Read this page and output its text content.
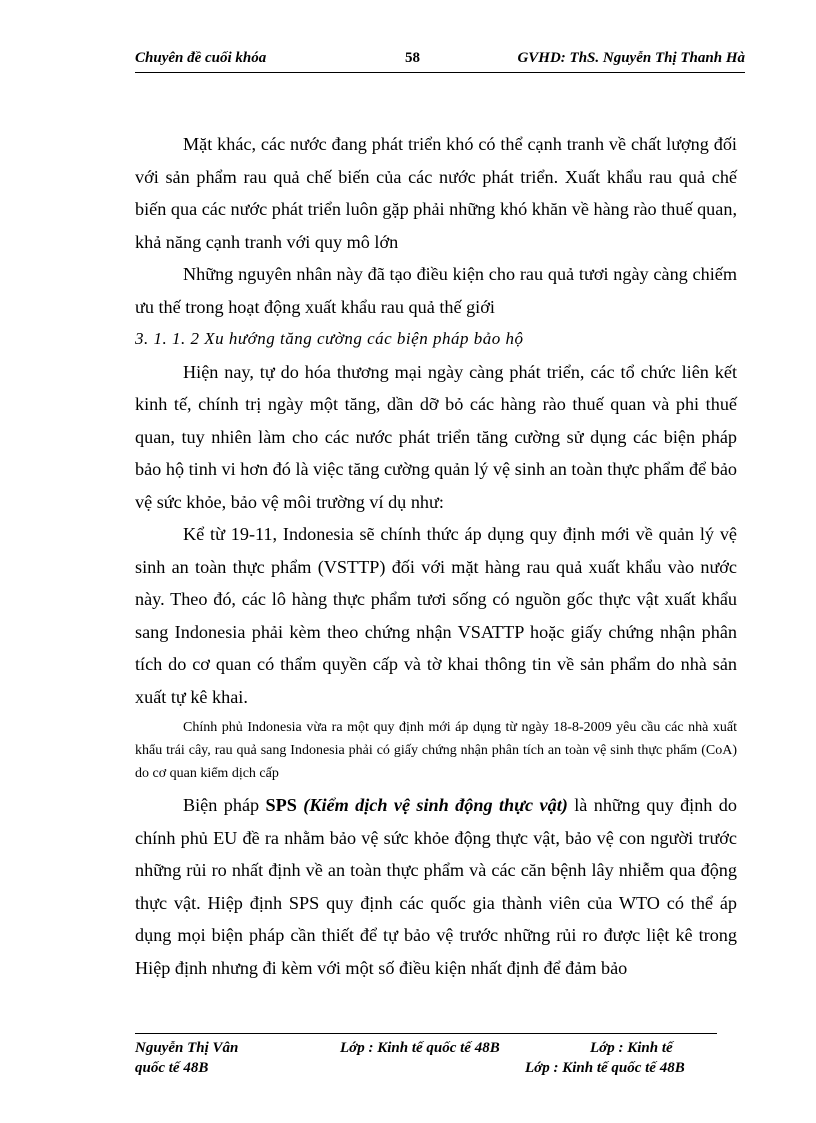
Chuyên đề cuối khóa	58	GVHD: ThS. Nguyễn Thị Thanh Hà

Mặt khác, các nước đang phát triển khó có thể cạnh tranh về chất lượng đối với sản phẩm rau quả chế biến của các nước phát triển. Xuất khẩu rau quả chế biến qua các nước phát triển luôn gặp phải những khó khăn về hàng rào thuế quan, khả năng cạnh tranh với quy mô lớn

Những nguyên nhân này đã tạo điều kiện cho rau quả tươi ngày càng chiếm ưu thế trong hoạt động xuất khẩu rau quả thế giới

3. 1. 1. 2 Xu hướng tăng cường các biện pháp bảo hộ

Hiện nay, tự do hóa thương mại ngày càng phát triển, các tổ chức liên kết kinh tế, chính trị ngày một tăng, dần dỡ bỏ các hàng rào thuế quan và phi thuế quan, tuy nhiên làm cho các nước phát triển tăng cường sử dụng các biện pháp bảo hộ tinh vi hơn đó là việc tăng cường quản lý vệ sinh an toàn thực phẩm để bảo vệ sức khỏe, bảo vệ môi trường ví dụ như:

Kể từ 19-11, Indonesia sẽ chính thức áp dụng quy định mới về quản lý vệ sinh an toàn thực phẩm (VSTTP) đối với mặt hàng rau quả xuất khẩu vào nước này. Theo đó, các lô hàng thực phẩm tươi sống có nguồn gốc thực vật xuất khẩu sang Indonesia phải kèm theo chứng nhận VSATTP hoặc giấy chứng nhận phân tích do cơ quan có thẩm quyền cấp và tờ khai thông tin về sản phẩm do nhà sản xuất tự kê khai.

Chính phủ Indonesia vừa ra một quy định mới áp dụng từ ngày 18-8-2009 yêu cầu các nhà xuất khẩu trái cây, rau quả sang Indonesia phải có giấy chứng nhận phân tích an toàn vệ sinh thực phẩm (CoA) do cơ quan kiểm dịch cấp

Biện pháp SPS (Kiểm dịch vệ sinh động thực vật) là những quy định do chính phủ EU đề ra nhằm bảo vệ sức khỏe động thực vật, bảo vệ con người trước những rủi ro nhất định về an toàn thực phẩm và các căn bệnh lây nhiễm qua động thực vật. Hiệp định SPS quy định các quốc gia thành viên của WTO có thể áp dụng mọi biện pháp cần thiết để tự bảo vệ trước những rủi ro được liệt kê trong Hiệp định nhưng đi kèm với một số điều kiện nhất định để đảm bảo

Nguyễn Thị Vân	Lớp : Kinh tế quốc tế 48B	Lớp : Kinh tế
quốc tế 48B	Lớp : Kinh tế quốc tế 48B
